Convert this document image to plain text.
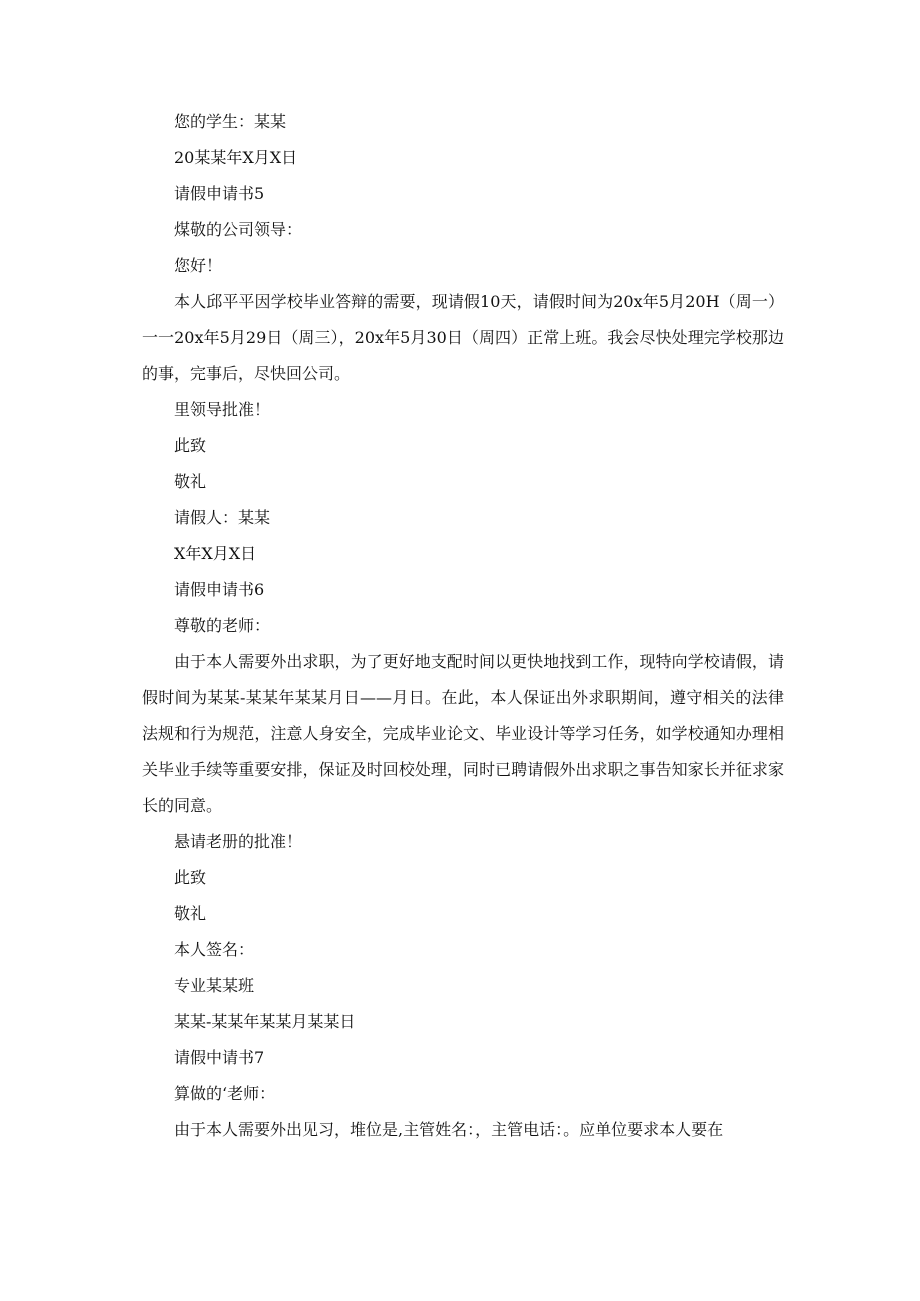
您的学生：某某

20某某年X月X日

请假申请书5

煤敬的公司领导：

您好！

本人邱平平因学校毕业答辩的需要，现请假10天，请假时间为20x年5月20H（周一）一一20x年5月29日（周三），20x年5月30日（周四）正常上班。我会尽快处理完学校那边的事，完事后，尽快回公司。

里领导批准！

此致

敬礼

请假人：某某

X年X月X日

请假申请书6

尊敬的老师：

由于本人需要外出求职，为了更好地支配时间以更快地找到工作，现特向学校请假，请假时间为某某-某某年某某月日——月日。在此，本人保证出外求职期间，遵守相关的法律法规和行为规范，注意人身安全，完成毕业论文、毕业设计等学习任务，如学校通知办理相关毕业手续等重要安排，保证及时回校处理，同时已聘请假外出求职之事告知家长并征求家长的同意。

悬请老册的批准！

此致

敬礼

本人签名：

专业某某班

某某-某某年某某月某某日

请假中请书7

算做的‘老师：

由于本人需要外出见习，堆位是,主管姓名：，主管电话：。应单位要求本人要在
